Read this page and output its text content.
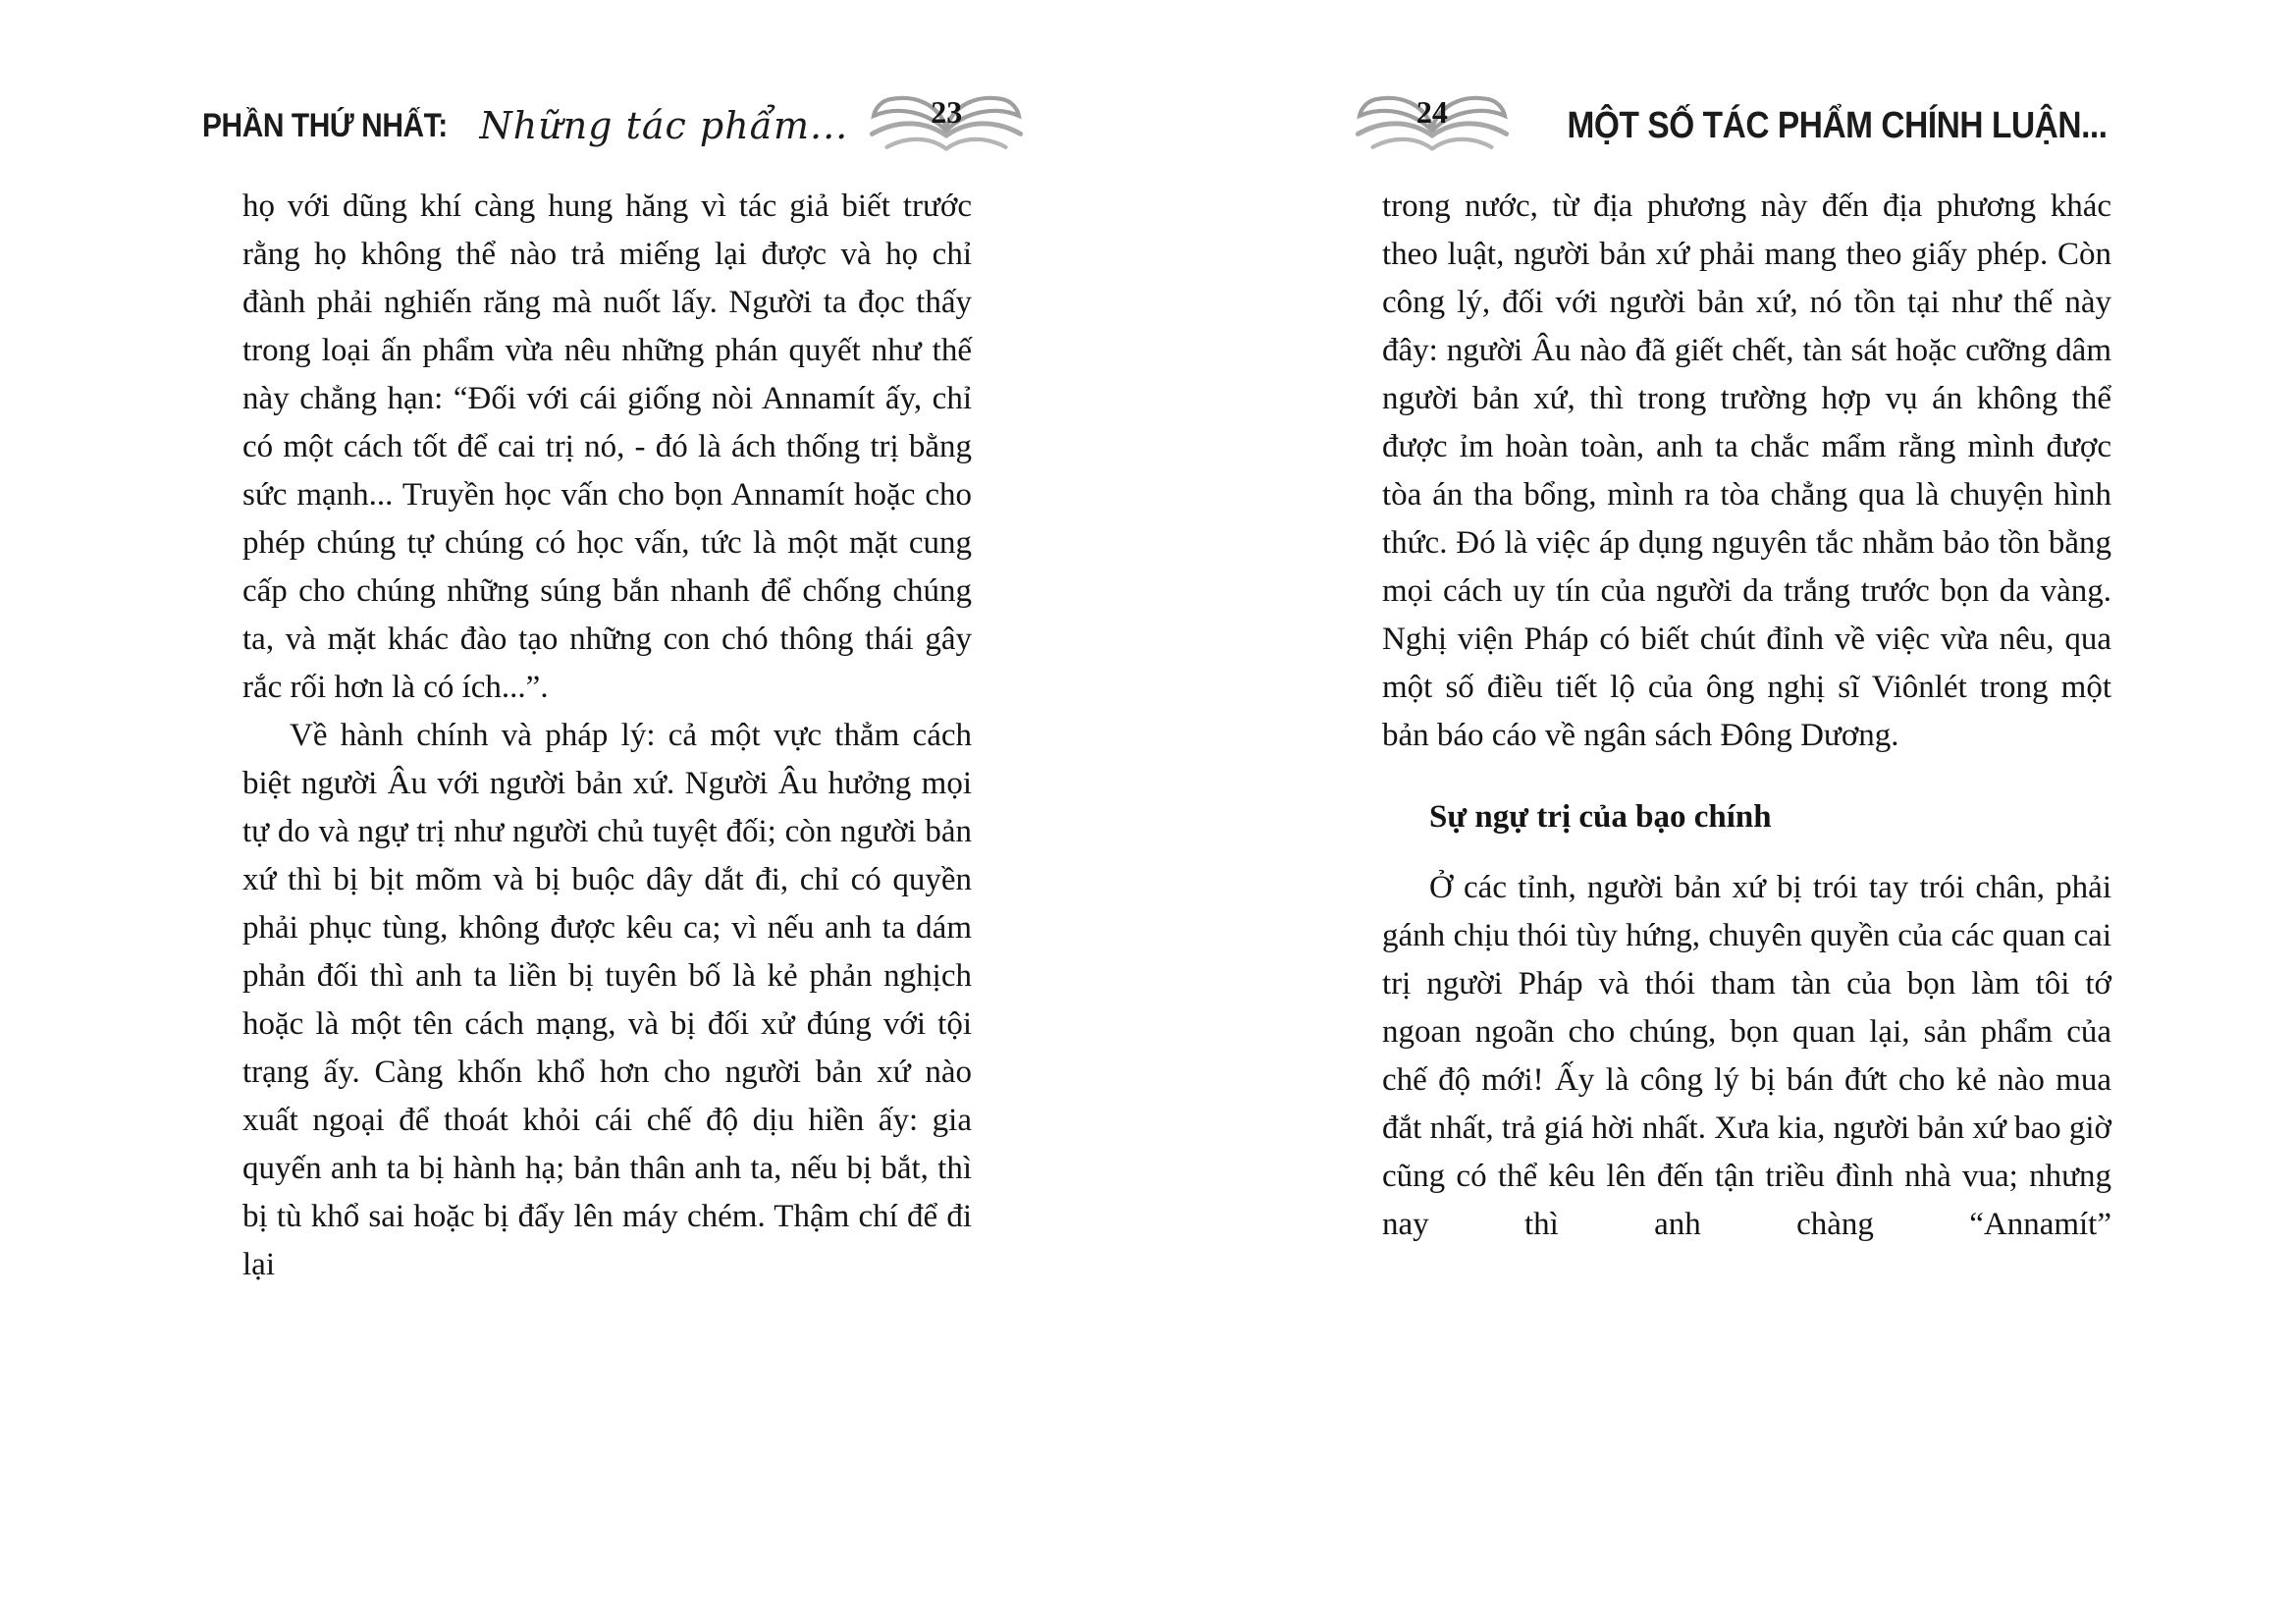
PHẦN THỨ NHẤT: Những tác phẩm...	23

họ với dũng khí càng hung hăng vì tác giả biết trước rằng họ không thể nào trả miếng lại được và họ chỉ đành phải nghiến răng mà nuốt lấy. Người ta đọc thấy trong loại ấn phẩm vừa nêu những phán quyết như thế này chẳng hạn: “Đối với cái giống nòi Annamít ấy, chỉ có một cách tốt để cai trị nó, - đó là ách thống trị bằng sức mạnh... Truyền học vấn cho bọn Annamít hoặc cho phép chúng tự chúng có học vấn, tức là một mặt cung cấp cho chúng những súng bắn nhanh để chống chúng ta, và mặt khác đào tạo những con chó thông thái gây rắc rối hơn là có ích...”.

Về hành chính và pháp lý: cả một vực thẳm cách biệt người Âu với người bản xứ. Người Âu hưởng mọi tự do và ngự trị như người chủ tuyệt đối; còn người bản xứ thì bị bịt mõm và bị buộc dây dắt đi, chỉ có quyền phải phục tùng, không được kêu ca; vì nếu anh ta dám phản đối thì anh ta liền bị tuyên bố là kẻ phản nghịch hoặc là một tên cách mạng, và bị đối xử đúng với tội trạng ấy. Càng khốn khổ hơn cho người bản xứ nào xuất ngoại để thoát khỏi cái chế độ dịu hiền ấy: gia quyến anh ta bị hành hạ; bản thân anh ta, nếu bị bắt, thì bị tù khổ sai hoặc bị đẩy lên máy chém. Thậm chí để đi lại

24	MỘT SỐ TÁC PHẨM CHÍNH LUẬN...

trong nước, từ địa phương này đến địa phương khác theo luật, người bản xứ phải mang theo giấy phép. Còn công lý, đối với người bản xứ, nó tồn tại như thế này đây: người Âu nào đã giết chết, tàn sát hoặc cưỡng dâm người bản xứ, thì trong trường hợp vụ án không thể được ỉm hoàn toàn, anh ta chắc mẩm rằng mình được tòa án tha bổng, mình ra tòa chẳng qua là chuyện hình thức. Đó là việc áp dụng nguyên tắc nhằm bảo tồn bằng mọi cách uy tín của người da trắng trước bọn da vàng. Nghị viện Pháp có biết chút đỉnh về việc vừa nêu, qua một số điều tiết lộ của ông nghị sĩ Viônlét trong một bản báo cáo về ngân sách Đông Dương.

Sự ngự trị của bạo chính

Ở các tỉnh, người bản xứ bị trói tay trói chân, phải gánh chịu thói tùy hứng, chuyên quyền của các quan cai trị người Pháp và thói tham tàn của bọn làm tôi tớ ngoan ngoãn cho chúng, bọn quan lại, sản phẩm của chế độ mới! Ấy là công lý bị bán đứt cho kẻ nào mua đắt nhất, trả giá hời nhất. Xưa kia, người bản xứ bao giờ cũng có thể kêu lên đến tận triều đình nhà vua; nhưng nay thì anh chàng “Annamít”
